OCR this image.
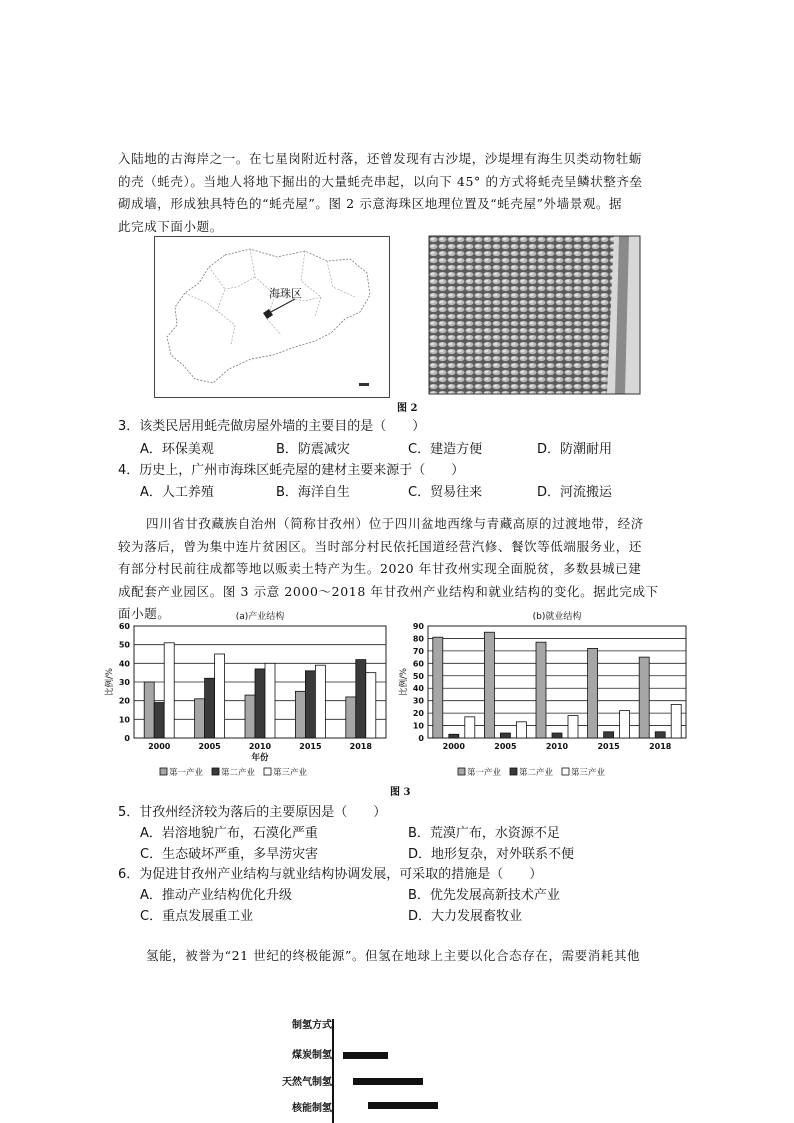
入陆地的古海岸之一。在七星岗附近村落，还曾发现有古沙堤，沙堤埋有海生贝类动物牡蛎
的壳（蚝壳）。当地人将地下掘出的大量蚝壳串起，以向下 45° 的方式将蚝壳呈鳞状整齐垒
砌成墙，形成独具特色的“蚝壳屋”。图 2 示意海珠区地理位置及“蚝壳屋”外墙景观。据
此完成下面小题。
海珠区
图 2
3．该类民居用蚝壳做房屋外墙的主要目的是（　　）
A．环保美观	B．防震减灾	C．建造方便	D．防潮耐用
4．历史上，广州市海珠区蚝壳屋的建材主要来源于（　　）
A．人工养殖	B．海洋自生	C．贸易往来	D．河流搬运
四川省甘孜藏族自治州（简称甘孜州）位于四川盆地西缘与青藏高原的过渡地带，经济
较为落后，曾为集中连片贫困区。当时部分村民依托国道经营汽修、餐饮等低端服务业，还
有部分村民前往成都等地以贩卖土特产为生。2020 年甘孜州实现全面脱贫，多数县城已建
成配套产业园区。图 3 示意 2000～2018 年甘孜州产业结构和就业结构的变化。据此完成下
面小题。	(a)产业结构
0
10
20
30
40
50
60
比例/%
2000	2005	2010	2015	2018
年份
第一产业 第二产业 第三产业
(b)就业结构
0
10
20
30
40
50
60
70
80
90
比例/%
2000	2005	2010	2015	2018
第一产业 第二产业 第三产业
图 3
5．甘孜州经济较为落后的主要原因是（　　）
A．岩溶地貌广布，石漠化严重	B．荒漠广布，水资源不足
C．生态破坏严重，多旱涝灾害	D．地形复杂，对外联系不便
6．为促进甘孜州产业结构与就业结构协调发展，可采取的措施是（　　）
A．推动产业结构优化升级	B．优先发展高新技术产业
C．重点发展重工业	D．大力发展畜牧业
氢能，被誉为“21 世纪的终极能源”。但氢在地球上主要以化合态存在，需要消耗其他
制氢方式
煤炭制氢
天然气制氢
核能制氢
